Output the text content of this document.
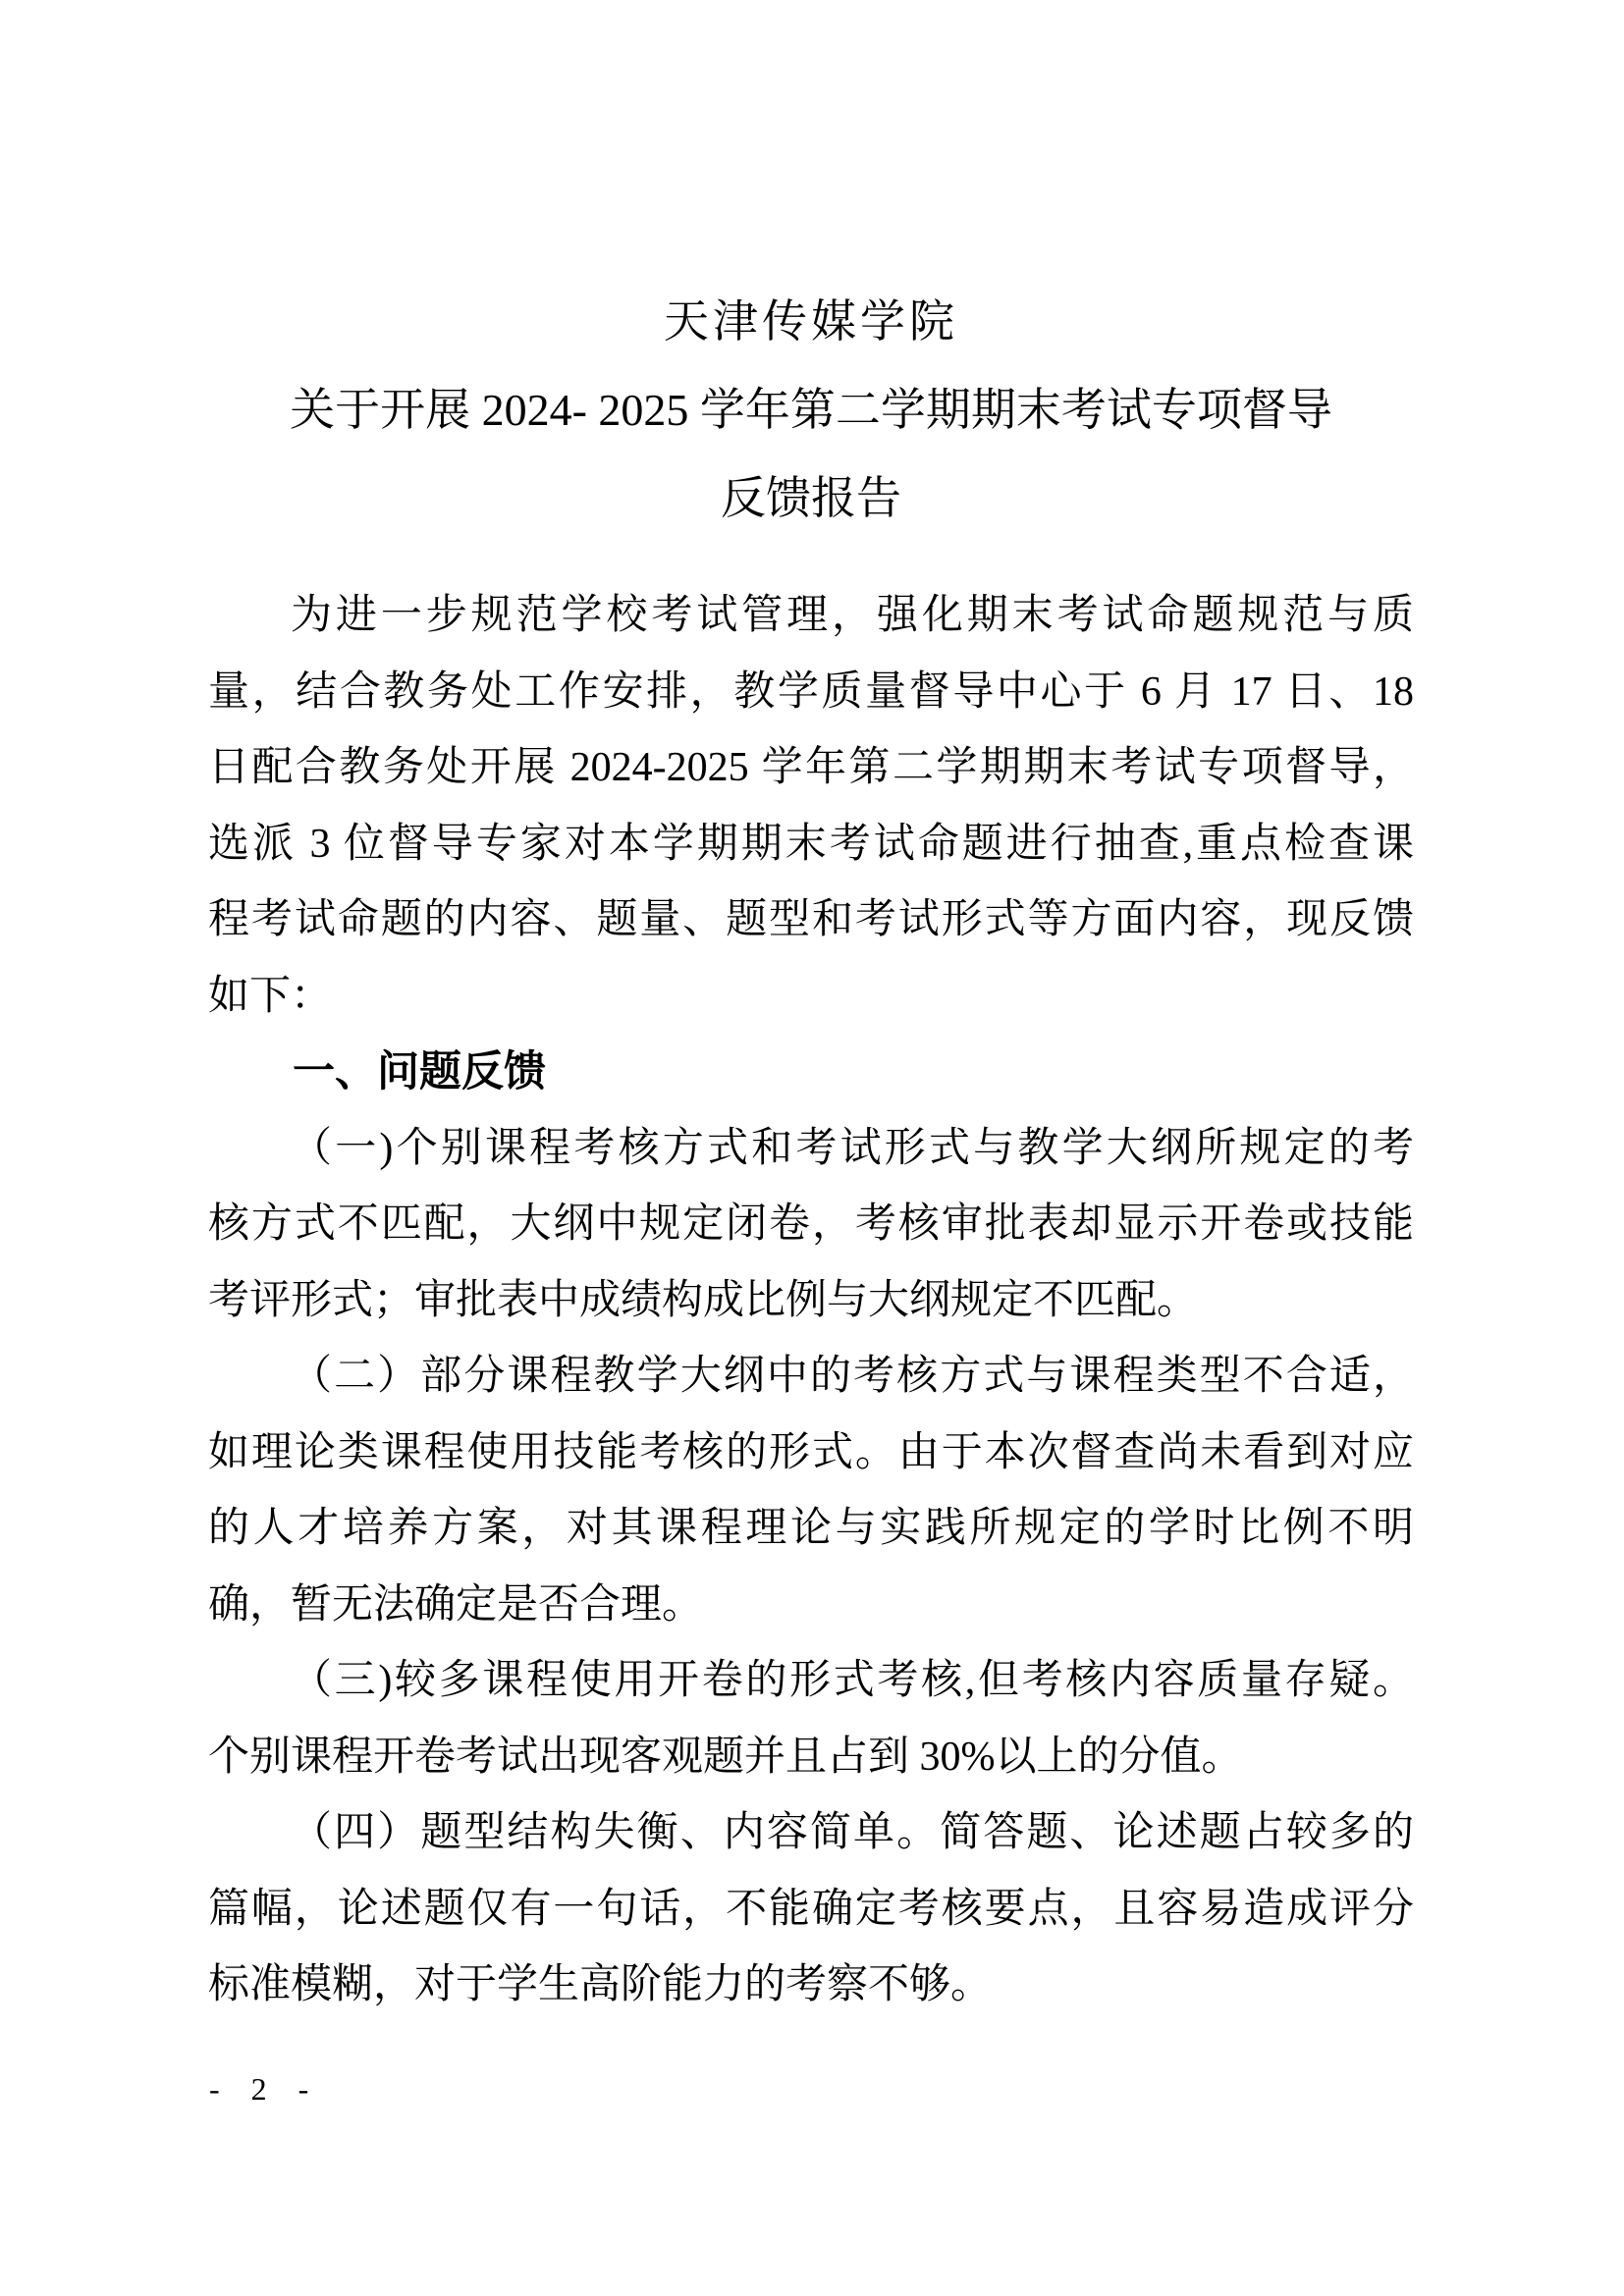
天津传媒学院
关于开展 2024- 2025 学年第二学期期末考试专项督导
反馈报告
为进一步规范学校考试管理，强化期末考试命题规范与质
量，结合教务处工作安排，教学质量督导中心于 6 月 17 日、18
日配合教务处开展 2024-2025 学年第二学期期末考试专项督导，
选派 3 位督导专家对本学期期末考试命题进行抽查,重点检查课
程考试命题的内容、题量、题型和考试形式等方面内容，现反馈
如下：
一、问题反馈
（一)个别课程考核方式和考试形式与教学大纲所规定的考
核方式不匹配，大纲中规定闭卷，考核审批表却显示开卷或技能
考评形式；审批表中成绩构成比例与大纲规定不匹配。
（二）部分课程教学大纲中的考核方式与课程类型不合适，
如理论类课程使用技能考核的形式。由于本次督查尚未看到对应
的人才培养方案，对其课程理论与实践所规定的学时比例不明
确，暂无法确定是否合理。
（三)较多课程使用开卷的形式考核,但考核内容质量存疑。
个别课程开卷考试出现客观题并且占到 30%以上的分值。
（四）题型结构失衡、内容简单。简答题、论述题占较多的
篇幅，论述题仅有一句话，不能确定考核要点，且容易造成评分
标准模糊，对于学生高阶能力的考察不够。
- 2 -
